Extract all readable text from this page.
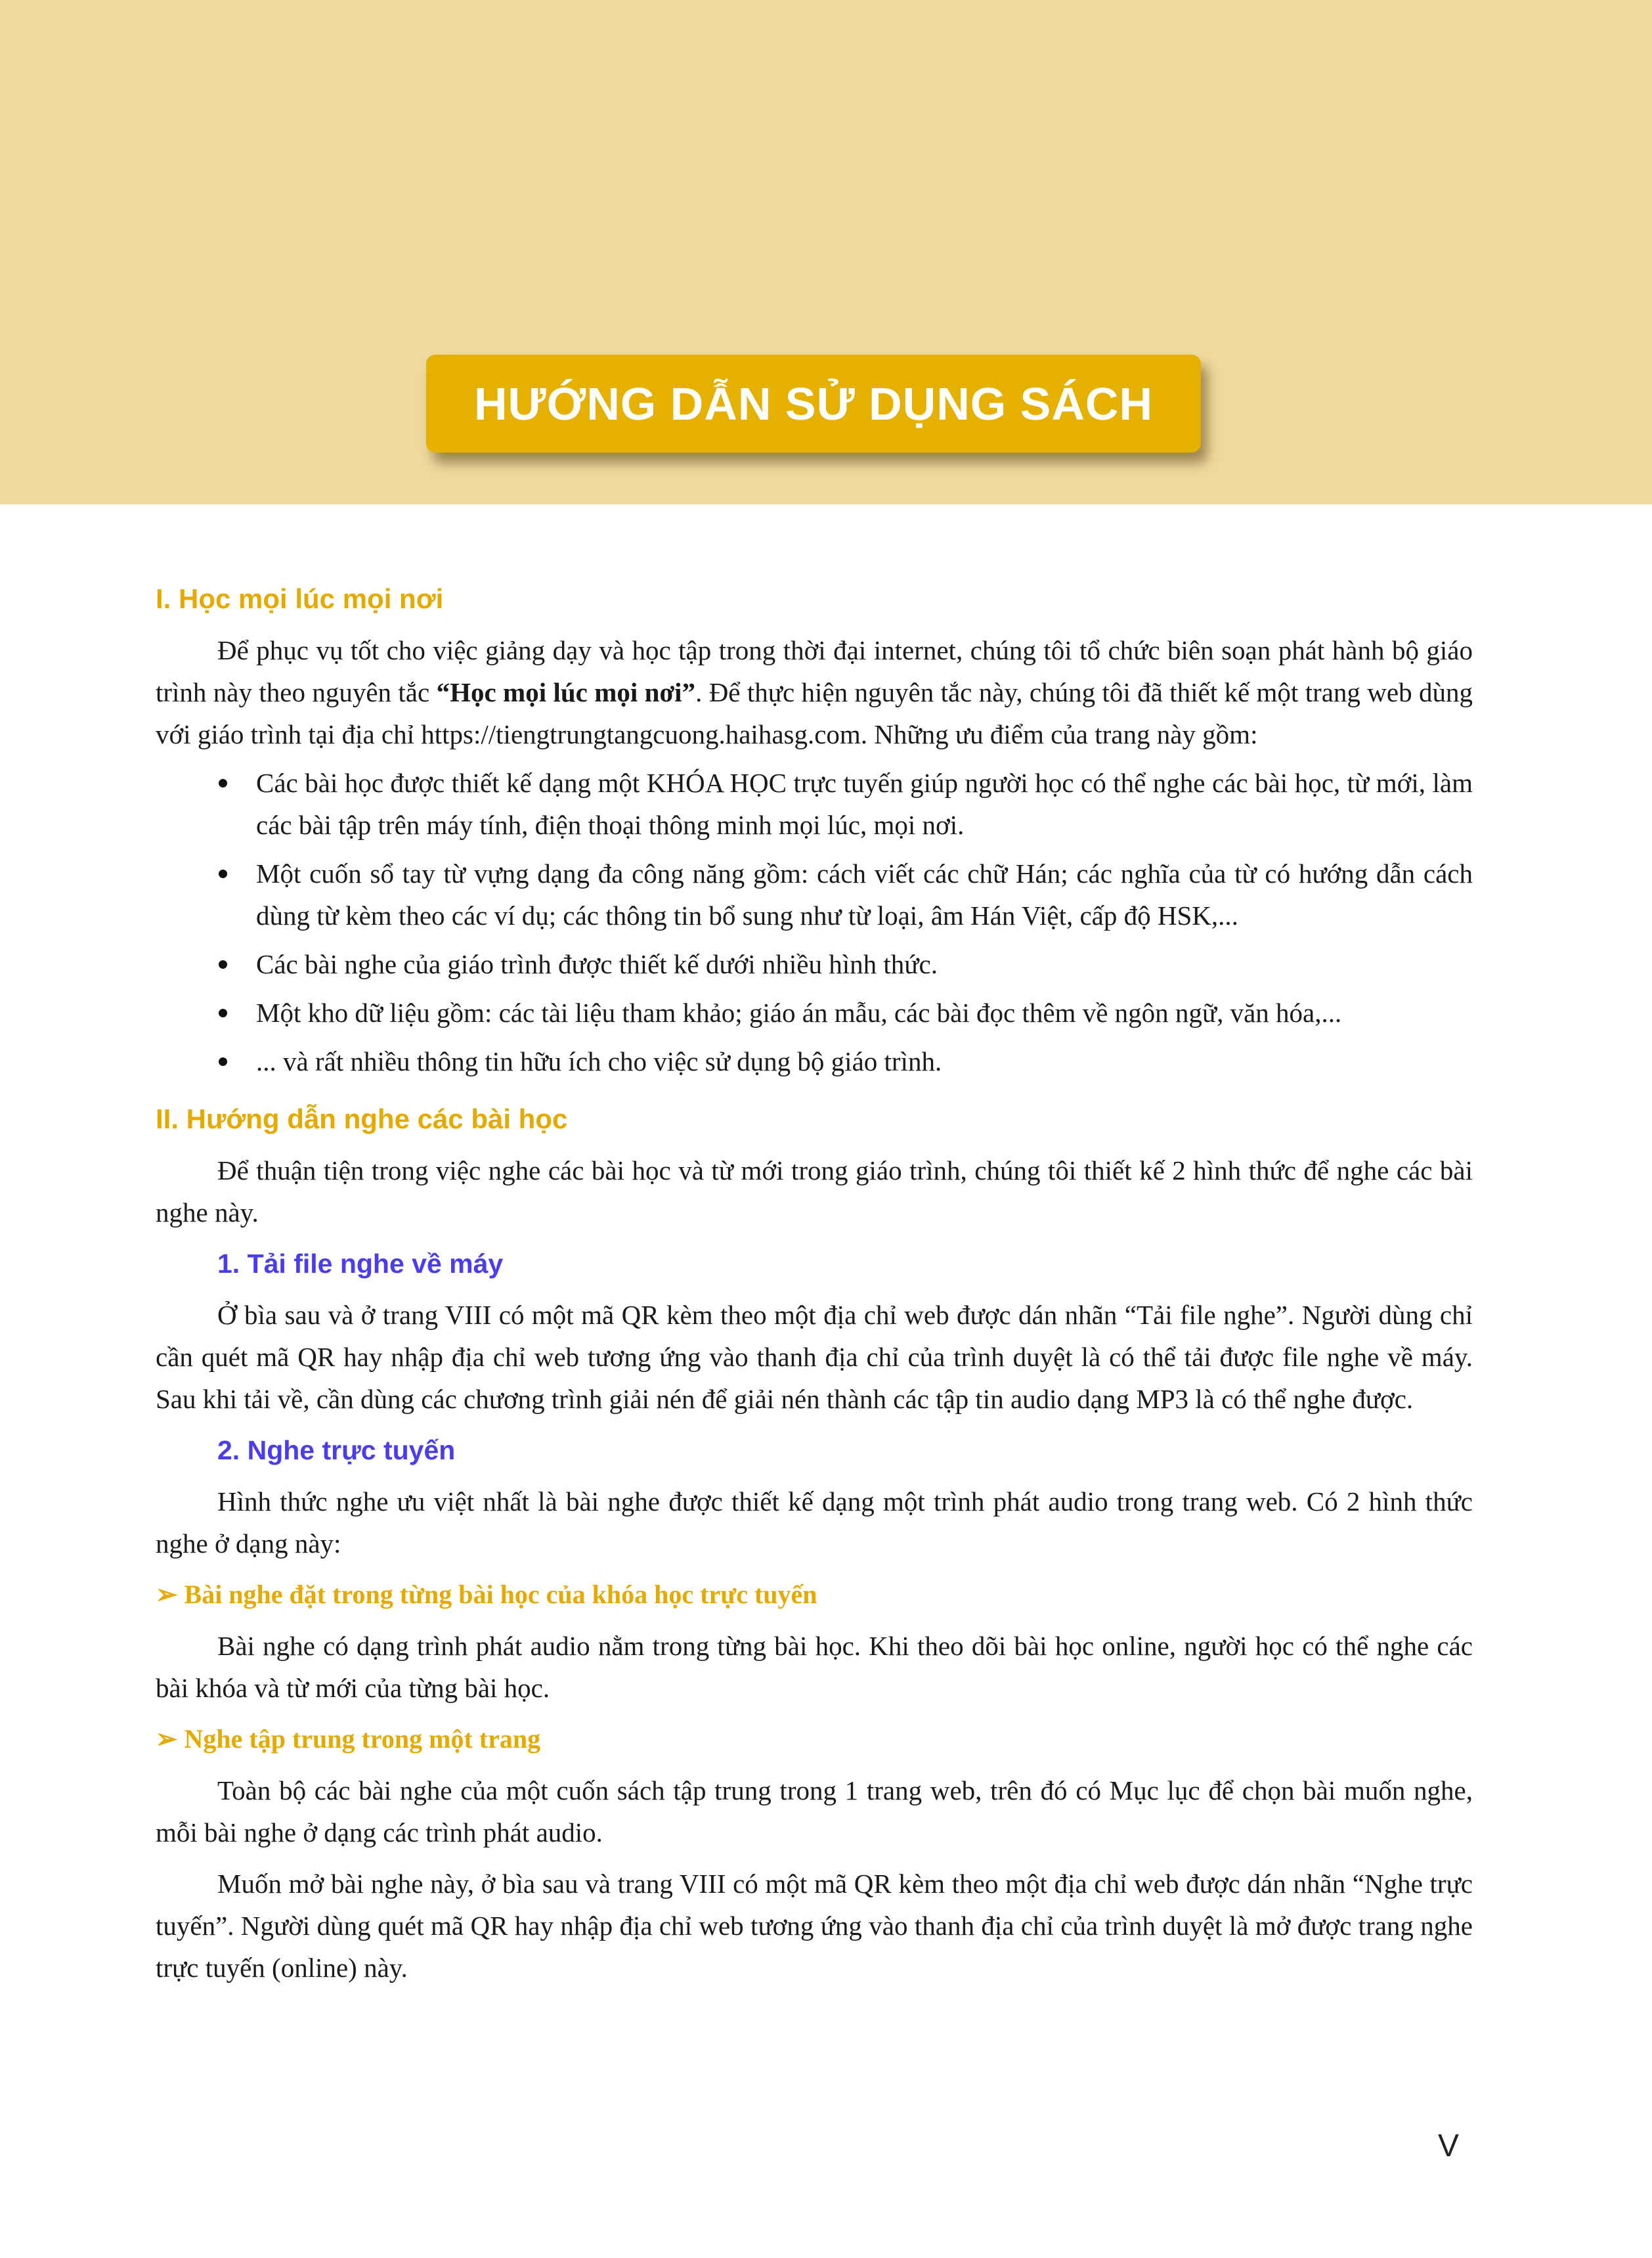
HƯỚNG DẪN SỬ DỤNG SÁCH
I. Học mọi lúc mọi nơi

Để phục vụ tốt cho việc giảng dạy và học tập trong thời đại internet, chúng tôi tổ chức biên soạn phát hành bộ giáo trình này theo nguyên tắc “Học mọi lúc mọi nơi”. Để thực hiện nguyên tắc này, chúng tôi đã thiết kế một trang web dùng với giáo trình tại địa chỉ https://tiengtrungtangcuong.haihasg.com. Những ưu điểm của trang này gồm:

Các bài học được thiết kế dạng một KHÓA HỌC trực tuyến giúp người học có thể nghe các bài học, từ mới, làm các bài tập trên máy tính, điện thoại thông minh mọi lúc, mọi nơi.
Một cuốn sổ tay từ vựng dạng đa công năng gồm: cách viết các chữ Hán; các nghĩa của từ có hướng dẫn cách dùng từ kèm theo các ví dụ; các thông tin bổ sung như từ loại, âm Hán Việt, cấp độ HSK,...
Các bài nghe của giáo trình được thiết kế dưới nhiều hình thức.
Một kho dữ liệu gồm: các tài liệu tham khảo; giáo án mẫu, các bài đọc thêm về ngôn ngữ, văn hóa,...
... và rất nhiều thông tin hữu ích cho việc sử dụng bộ giáo trình.
II. Hướng dẫn nghe các bài học

Để thuận tiện trong việc nghe các bài học và từ mới trong giáo trình, chúng tôi thiết kế 2 hình thức để nghe các bài nghe này.

1. Tải file nghe về máy

Ở bìa sau và ở trang VIII có một mã QR kèm theo một địa chỉ web được dán nhãn “Tải file nghe”. Người dùng chỉ cần quét mã QR hay nhập địa chỉ web tương ứng vào thanh địa chỉ của trình duyệt là có thể tải được file nghe về máy. Sau khi tải về, cần dùng các chương trình giải nén để giải nén thành các tập tin audio dạng MP3 là có thể nghe được.

2. Nghe trực tuyến

Hình thức nghe ưu việt nhất là bài nghe được thiết kế dạng một trình phát audio trong trang web. Có 2 hình thức nghe ở dạng này:

➢ Bài nghe đặt trong từng bài học của khóa học trực tuyến

Bài nghe có dạng trình phát audio nằm trong từng bài học. Khi theo dõi bài học online, người học có thể nghe các bài khóa và từ mới của từng bài học.

➢ Nghe tập trung trong một trang

Toàn bộ các bài nghe của một cuốn sách tập trung trong 1 trang web, trên đó có Mục lục để chọn bài muốn nghe, mỗi bài nghe ở dạng các trình phát audio.

Muốn mở bài nghe này, ở bìa sau và trang VIII có một mã QR kèm theo một địa chỉ web được dán nhãn “Nghe trực tuyến”. Người dùng quét mã QR hay nhập địa chỉ web tương ứng vào thanh địa chỉ của trình duyệt là mở được trang nghe trực tuyến (online) này.

V
